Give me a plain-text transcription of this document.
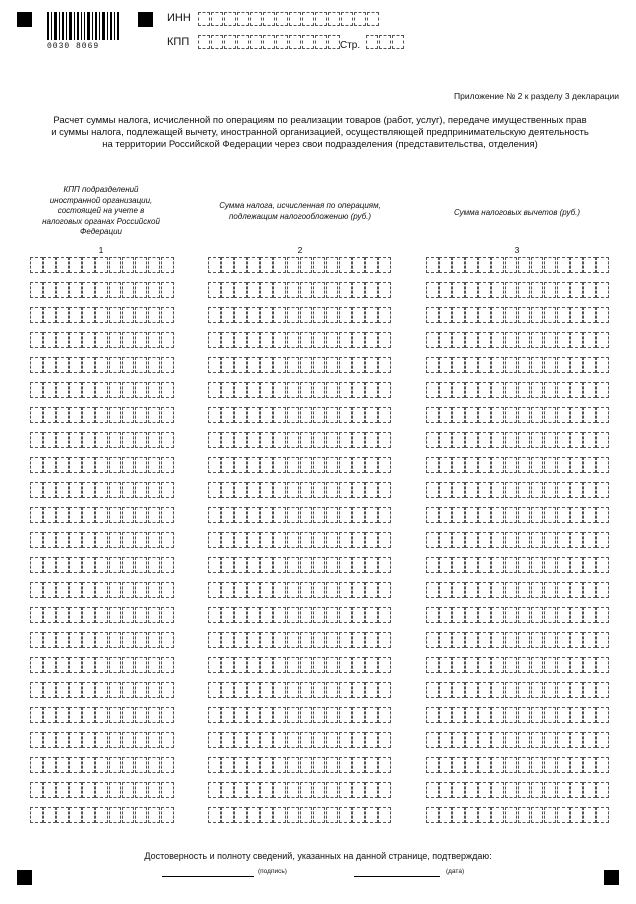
0030 8069
ИНН
КПП	Стр.
Приложение № 2 к разделу 3 декларации
Расчет суммы налога, исчисленной по операциям по реализации товаров (работ, услуг), передаче имущественных прав и суммы налога, подлежащей вычету, иностранной организацией, осуществляющей предпринимательскую деятельность на территории Российской Федерации через свои подразделения (представительства, отделения)
КПП подразделений иностранной организации, состоящей на учете в налоговых органах Российской Федерации
1
Сумма налога, исчисленная по операциям, подлежащим налогообложению (руб.)
2
Сумма налоговых вычетов (руб.)
3
Достоверность и полноту сведений, указанных на данной странице, подтверждаю:
(подпись)	(дата)
